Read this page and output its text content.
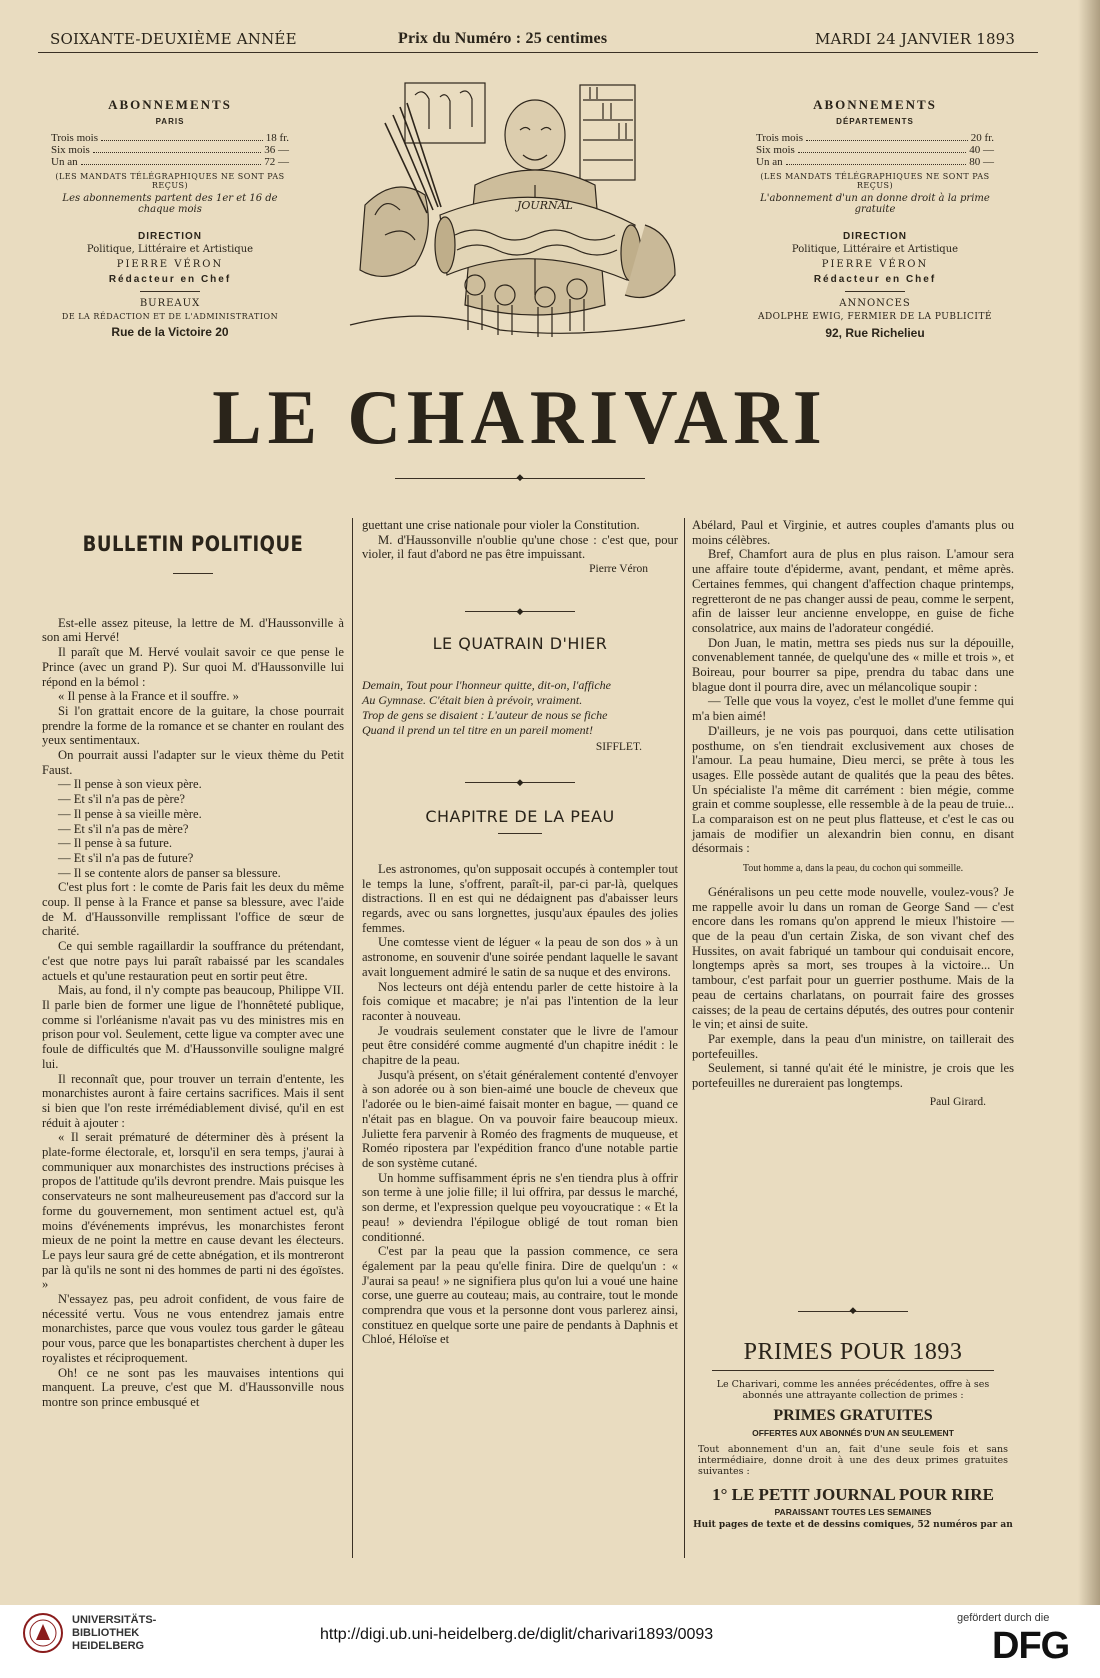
SOIXANTE-DEUXIÈME ANNÉE	Prix du Numéro : 25 centimes	MARDI 24 JANVIER 1893
ABONNEMENTS
PARIS
Trois mois	18 fr.
Six mois	36 —
Un an	72 —
(LES MANDATS TÉLÉGRAPHIQUES NE SONT PAS REÇUS)
Les abonnements partent des 1er et 16 de chaque mois
DIRECTION
Politique, Littéraire et Artistique
PIERRE VÉRON
Rédacteur en Chef
BUREAUX
DE LA RÉDACTION ET DE L'ADMINISTRATION
Rue de la Victoire 20
ABONNEMENTS
DÉPARTEMENTS
Trois mois	20 fr.
Six mois	40 —
Un an	80 —
(LES MANDATS TÉLÉGRAPHIQUES NE SONT PAS REÇUS)
L'abonnement d'un an donne droit à la prime gratuite
DIRECTION
Politique, Littéraire et Artistique
PIERRE VÉRON
Rédacteur en Chef
ANNONCES
ADOLPHE EWIG, FERMIER DE LA PUBLICITÉ
92, Rue Richelieu
JOURNAL
LE CHARIVARI
◆
BULLETIN POLITIQUE

Est-elle assez piteuse, la lettre de M. d'Haussonville à son ami Hervé!

Il paraît que M. Hervé voulait savoir ce que pense le Prince (avec un grand P). Sur quoi M. d'Haussonville lui répond en la bémol :

« Il pense à la France et il souffre. »

Si l'on grattait encore de la guitare, la chose pourrait prendre la forme de la romance et se chanter en roulant des yeux sentimentaux.

On pourrait aussi l'adapter sur le vieux thème du Petit Faust.

— Il pense à son vieux père.

— Et s'il n'a pas de père?

— Il pense à sa vieille mère.

— Et s'il n'a pas de mère?

— Il pense à sa future.

— Et s'il n'a pas de future?

— Il se contente alors de panser sa blessure.

C'est plus fort : le comte de Paris fait les deux du même coup. Il pense à la France et panse sa blessure, avec l'aide de M. d'Haussonville remplissant l'office de sœur de charité.

Ce qui semble ragaillardir la souffrance du prétendant, c'est que notre pays lui paraît rabaissé par les scandales actuels et qu'une restauration peut en sortir peut être.

Mais, au fond, il n'y compte pas beaucoup, Philippe VII. Il parle bien de former une ligue de l'honnêteté publique, comme si l'orléanisme n'avait pas vu des ministres mis en prison pour vol. Seulement, cette ligue va compter avec une foule de difficultés que M. d'Haussonville souligne malgré lui.

Il reconnaît que, pour trouver un terrain d'entente, les monarchistes auront à faire certains sacrifices. Mais il sent si bien que l'on reste irrémédiablement divisé, qu'il en est réduit à ajouter :

« Il serait prématuré de déterminer dès à présent la plate-forme électorale, et, lorsqu'il en sera temps, j'aurai à communiquer aux monarchistes des instructions précises à propos de l'attitude qu'ils devront prendre. Mais puisque les conservateurs ne sont malheureusement pas d'accord sur la forme du gouvernement, mon sentiment actuel est, qu'à moins d'événements imprévus, les monarchistes feront mieux de ne point la mettre en cause devant les électeurs. Le pays leur saura gré de cette abnégation, et ils montreront par là qu'ils ne sont ni des hommes de parti ni des égoïstes. »

N'essayez pas, peu adroit confident, de vous faire de nécessité vertu. Vous ne vous entendrez jamais entre monarchistes, parce que vous voulez tous garder le gâteau pour vous, parce que les bonapartistes cherchent à duper les royalistes et réciproquement.

Oh! ce ne sont pas les mauvaises intentions qui manquent. La preuve, c'est que M. d'Haussonville nous montre son prince embusqué et

guettant une crise nationale pour violer la Constitution.

M. d'Haussonville n'oublie qu'une chose : c'est que, pour violer, il faut d'abord ne pas être impuissant.

Pierre Véron
◆
LE QUATRAIN D'HIER
Demain, Tout pour l'honneur quitte, dit-on, l'affiche
Au Gymnase. C'était bien à prévoir, vraiment.
Trop de gens se disaient : L'auteur de nous se fiche
Quand il prend un tel titre en un pareil moment!
SIFFLET.
◆
CHAPITRE DE LA PEAU

Les astronomes, qu'on supposait occupés à contempler tout le temps la lune, s'offrent, paraît-il, par-ci par-là, quelques distractions. Il en est qui ne dédaignent pas d'abaisser leurs regards, avec ou sans lorgnettes, jusqu'aux épaules des jolies femmes.

Une comtesse vient de léguer « la peau de son dos » à un astronome, en souvenir d'une soirée pendant laquelle le savant avait longuement admiré le satin de sa nuque et des environs.

Nos lecteurs ont déjà entendu parler de cette histoire à la fois comique et macabre; je n'ai pas l'intention de la leur raconter à nouveau.

Je voudrais seulement constater que le livre de l'amour peut être considéré comme augmenté d'un chapitre inédit : le chapitre de la peau.

Jusqu'à présent, on s'était généralement contenté d'envoyer à son adorée ou à son bien-aimé une boucle de cheveux que l'adorée ou le bien-aimé faisait monter en bague, — quand ce n'était pas en blague. On va pouvoir faire beaucoup mieux. Juliette fera parvenir à Roméo des fragments de muqueuse, et Roméo ripostera par l'expédition franco d'une notable partie de son système cutané.

Un homme suffisamment épris ne s'en tiendra plus à offrir son terme à une jolie fille; il lui offrira, par dessus le marché, son derme, et l'expression quelque peu voyoucratique : « Et la peau! » deviendra l'épilogue obligé de tout roman bien conditionné.

C'est par la peau que la passion commence, ce sera également par la peau qu'elle finira. Dire de quelqu'un : « J'aurai sa peau! » ne signifiera plus qu'on lui a voué une haine corse, une guerre au couteau; mais, au contraire, tout le monde comprendra que vous et la personne dont vous parlerez ainsi, constituez en quelque sorte une paire de pendants à Daphnis et Chloé, Héloïse et

Abélard, Paul et Virginie, et autres couples d'amants plus ou moins célèbres.

Bref, Chamfort aura de plus en plus raison. L'amour sera une affaire toute d'épiderme, avant, pendant, et même après. Certaines femmes, qui changent d'affection chaque printemps, regretteront de ne pas changer aussi de peau, comme le serpent, afin de laisser leur ancienne enveloppe, en guise de fiche consolatrice, aux mains de l'adorateur congédié.

Don Juan, le matin, mettra ses pieds nus sur la dépouille, convenablement tannée, de quelqu'une des « mille et trois », et Boireau, pour bourrer sa pipe, prendra du tabac dans une blague dont il pourra dire, avec un mélancolique soupir :

— Telle que vous la voyez, c'est le mollet d'une femme qui m'a bien aimé!

D'ailleurs, je ne vois pas pourquoi, dans cette utilisation posthume, on s'en tiendrait exclusivement aux choses de l'amour. La peau humaine, Dieu merci, se prête à tous les usages. Elle possède autant de qualités que la peau des bêtes. Un spécialiste l'a même dit carrément : bien mégie, comme grain et comme souplesse, elle ressemble à de la peau de truie... La comparaison est on ne peut plus flatteuse, et c'est le cas ou jamais de modifier un alexandrin bien connu, en disant désormais :

Tout homme a, dans la peau, du cochon qui sommeille.

Généralisons un peu cette mode nouvelle, voulez-vous? Je me rappelle avoir lu dans un roman de George Sand — c'est encore dans les romans qu'on apprend le mieux l'histoire — que de la peau d'un certain Ziska, de son vivant chef des Hussites, on avait fabriqué un tambour qui conduisait encore, longtemps après sa mort, ses troupes à la victoire... Un tambour, c'est parfait pour un guerrier posthume. Mais de la peau de certains charlatans, on pourrait faire des grosses caisses; de la peau de certains députés, des outres pour contenir le vin; et ainsi de suite.

Par exemple, dans la peau d'un ministre, on taillerait des portefeuilles.

Seulement, si tanné qu'ait été le ministre, je crois que les portefeuilles ne dureraient pas longtemps.

Paul Girard.
◆
PRIMES POUR 1893
Le Charivari, comme les années précédentes, offre à ses abonnés une attrayante collection de primes :
PRIMES GRATUITES
OFFERTES AUX ABONNÉS D'UN AN SEULEMENT
Tout abonnement d'un an, fait d'une seule fois et sans intermédiaire, donne droit à une des deux primes gratuites suivantes :
1° LE PETIT JOURNAL POUR RIRE
PARAISSANT TOUTES LES SEMAINES
Huit pages de texte et de dessins comiques, 52 numéros par an
UNIVERSITÄTS-
BIBLIOTHEK
HEIDELBERG
http://digi.ub.uni-heidelberg.de/diglit/charivari1893/0093
gefördert durch die
DFG
